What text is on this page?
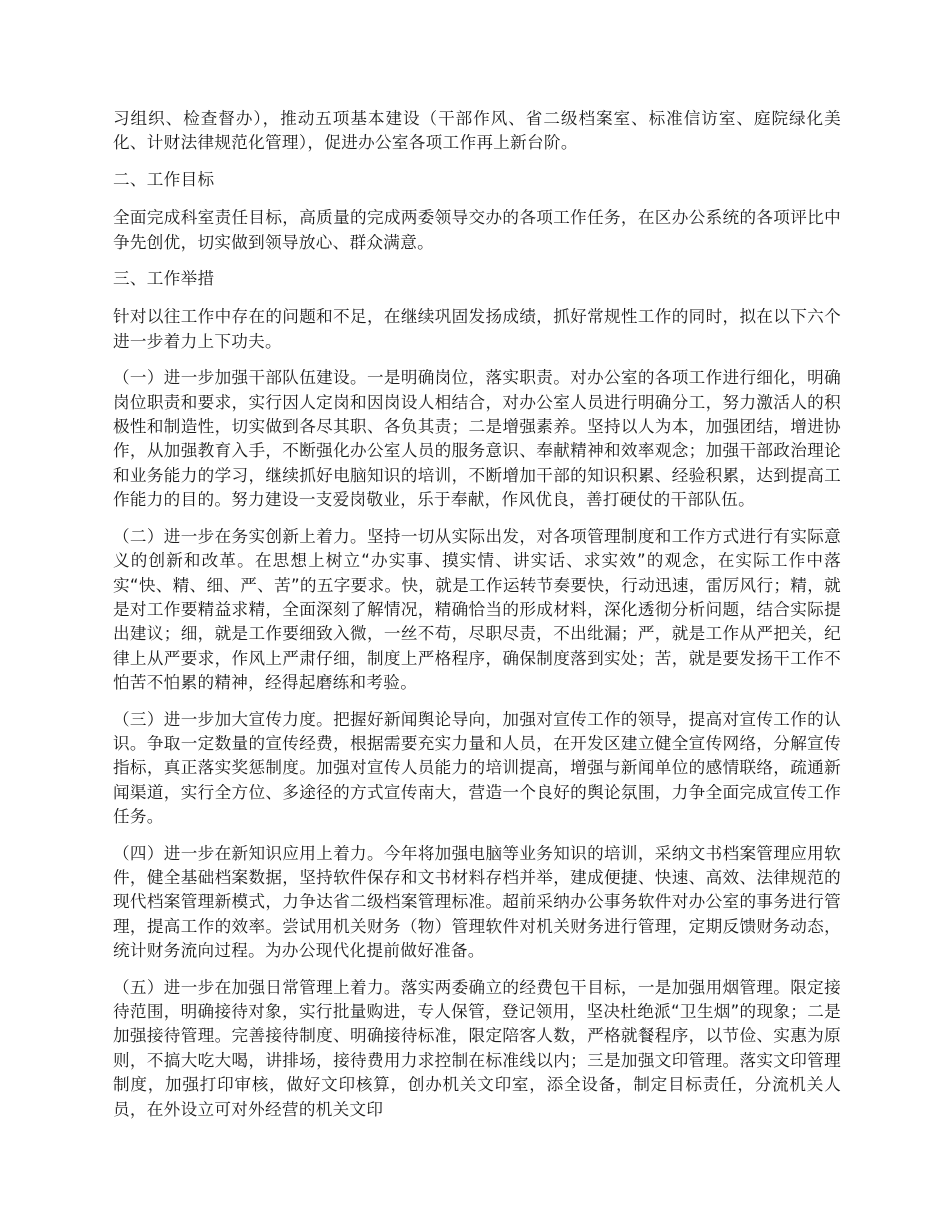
习组织、检查督办），推动五项基本建设（干部作风、省二级档案室、标准信访室、庭院绿化美化、计财法律规范化管理），促进办公室各项工作再上新台阶。

二、工作目标

全面完成科室责任目标，高质量的完成两委领导交办的各项工作任务，在区办公系统的各项评比中争先创优，切实做到领导放心、群众满意。

三、工作举措

针对以往工作中存在的问题和不足，在继续巩固发扬成绩，抓好常规性工作的同时，拟在以下六个进一步着力上下功夫。

（一）进一步加强干部队伍建设。一是明确岗位，落实职责。对办公室的各项工作进行细化，明确岗位职责和要求，实行因人定岗和因岗设人相结合，对办公室人员进行明确分工，努力激活人的积极性和制造性，切实做到各尽其职、各负其责；二是增强素养。坚持以人为本，加强团结，增进协作，从加强教育入手，不断强化办公室人员的服务意识、奉献精神和效率观念；加强干部政治理论和业务能力的学习，继续抓好电脑知识的培训，不断增加干部的知识积累、经验积累，达到提高工作能力的目的。努力建设一支爱岗敬业，乐于奉献，作风优良，善打硬仗的干部队伍。

（二）进一步在务实创新上着力。坚持一切从实际出发，对各项管理制度和工作方式进行有实际意义的创新和改革。在思想上树立“办实事、摸实情、讲实话、求实效”的观念，在实际工作中落实“快、精、细、严、苦”的五字要求。快，就是工作运转节奏要快，行动迅速，雷厉风行；精，就是对工作要精益求精，全面深刻了解情况，精确恰当的形成材料，深化透彻分析问题，结合实际提出建议；细，就是工作要细致入微，一丝不苟，尽职尽责，不出纰漏；严，就是工作从严把关，纪律上从严要求，作风上严肃仔细，制度上严格程序，确保制度落到实处；苦，就是要发扬干工作不怕苦不怕累的精神，经得起磨练和考验。

（三）进一步加大宣传力度。把握好新闻舆论导向，加强对宣传工作的领导，提高对宣传工作的认识。争取一定数量的宣传经费，根据需要充实力量和人员，在开发区建立健全宣传网络，分解宣传指标，真正落实奖惩制度。加强对宣传人员能力的培训提高，增强与新闻单位的感情联络，疏通新闻渠道，实行全方位、多途径的方式宣传南大，营造一个良好的舆论氛围，力争全面完成宣传工作任务。

（四）进一步在新知识应用上着力。今年将加强电脑等业务知识的培训，采纳文书档案管理应用软件，健全基础档案数据，坚持软件保存和文书材料存档并举，建成便捷、快速、高效、法律规范的现代档案管理新模式，力争达省二级档案管理标准。超前采纳办公事务软件对办公室的事务进行管理，提高工作的效率。尝试用机关财务（物）管理软件对机关财务进行管理，定期反馈财务动态，统计财务流向过程。为办公现代化提前做好准备。

（五）进一步在加强日常管理上着力。落实两委确立的经费包干目标，一是加强用烟管理。限定接待范围，明确接待对象，实行批量购进，专人保管，登记领用，坚决杜绝派“卫生烟”的现象；二是加强接待管理。完善接待制度、明确接待标准，限定陪客人数，严格就餐程序，以节俭、实惠为原则，不搞大吃大喝，讲排场，接待费用力求控制在标准线以内；三是加强文印管理。落实文印管理制度，加强打印审核，做好文印核算，创办机关文印室，添全设备，制定目标责任，分流机关人员，在外设立可对外经营的机关文印
